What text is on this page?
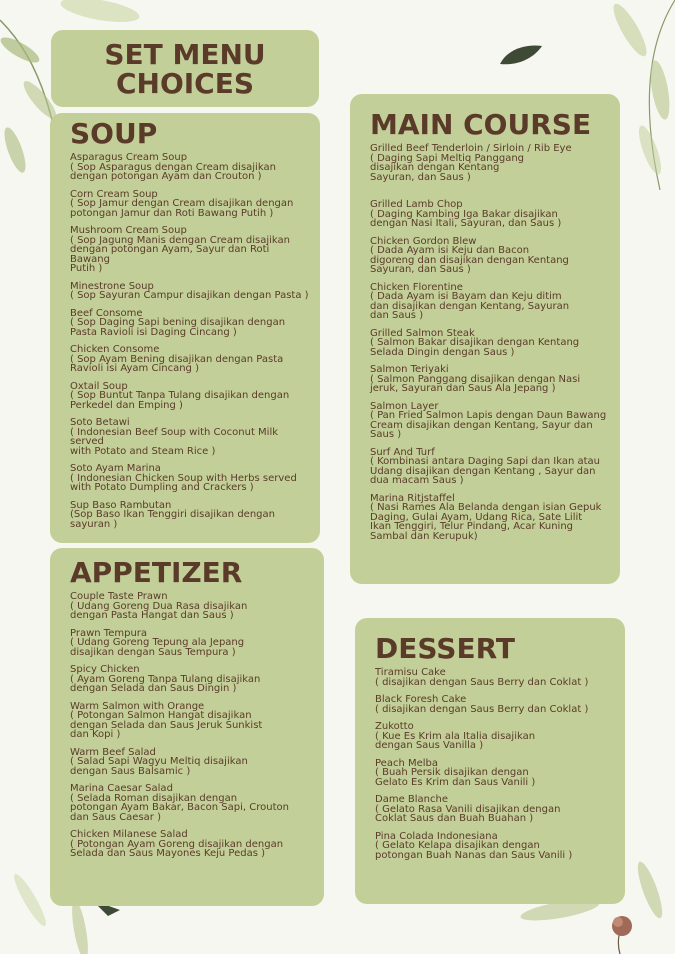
SET MENU
CHOICES
SOUP
Asparagus Cream Soup
( Sop Asparagus dengan Cream disajikan
dengan potongan Ayam dan Crouton )
Corn Cream Soup
( Sop Jamur dengan Cream disajikan dengan
potongan Jamur dan Roti Bawang Putih )
Mushroom Cream Soup
( Sop Jagung Manis dengan Cream disajikan
dengan potongan Ayam, Sayur dan Roti Bawang
Putih )
Minestrone Soup
( Sop Sayuran Campur disajikan dengan Pasta )
Beef Consome
( Sop Daging Sapi bening disajikan dengan
Pasta Ravioli isi Daging Cincang )
Chicken Consome
( Sop Ayam Bening disajikan dengan Pasta
Ravioli isi Ayam Cincang )
Oxtail Soup
( Sop Buntut Tanpa Tulang disajikan dengan
Perkedel dan Emping )
Soto Betawi
( Indonesian Beef Soup with Coconut Milk served
with Potato and Steam Rice )
Soto Ayam Marina
( Indonesian Chicken Soup with Herbs served
with Potato Dumpling and Crackers )
Sup Baso Rambutan
(Sop Baso Ikan Tenggiri disajikan dengan
sayuran )
APPETIZER
Couple Taste Prawn
( Udang Goreng Dua Rasa disajikan
dengan Pasta Hangat dan Saus )
Prawn Tempura
( Udang Goreng Tepung ala Jepang
disajikan dengan Saus Tempura )
Spicy Chicken
( Ayam Goreng Tanpa Tulang disajikan
dengan Selada dan Saus Dingin )
Warm Salmon with Orange
( Potongan Salmon Hangat disajikan
dengan Selada dan Saus Jeruk Sunkist
dan Kopi )
Warm Beef Salad
( Salad Sapi Wagyu Meltiq disajikan
dengan Saus Balsamic )
Marina Caesar Salad
( Selada Roman disajikan dengan
potongan Ayam Bakar, Bacon Sapi, Crouton
dan Saus Caesar )
Chicken Milanese Salad
( Potongan Ayam Goreng disajikan dengan
Selada dan Saus Mayones Keju Pedas )
MAIN COURSE
Grilled Beef Tenderloin / Sirloin / Rib Eye
( Daging Sapi Meltiq Panggang
disajikan dengan Kentang
Sayuran, dan Saus )
Grilled Lamb Chop
( Daging Kambing Iga Bakar disajikan
dengan Nasi Itali, Sayuran, dan Saus )
Chicken Gordon Blew
( Dada Ayam isi Keju dan Bacon
digoreng dan disajikan dengan Kentang
Sayuran, dan Saus )
Chicken Florentine
( Dada Ayam isi Bayam dan Keju ditim
dan disajikan dengan Kentang, Sayuran
dan Saus )
Grilled Salmon Steak
( Salmon Bakar disajikan dengan Kentang
Selada Dingin dengan Saus )
Salmon Teriyaki
( Salmon Panggang disajikan dengan Nasi
jeruk, Sayuran dan Saus Ala Jepang )
Salmon Layer
( Pan Fried Salmon Lapis dengan Daun Bawang
Cream disajikan dengan Kentang, Sayur dan
Saus )
Surf And Turf
( Kombinasi antara Daging Sapi dan Ikan atau
Udang disajikan dengan Kentang , Sayur dan
dua macam Saus )
Marina Ritjstaffel
( Nasi Rames Ala Belanda dengan isian Gepuk
Daging, Gulai Ayam, Udang Rica, Sate Lilit
Ikan Tenggiri, Telur Pindang, Acar Kuning
Sambal dan Kerupuk)
DESSERT
Tiramisu Cake
( disajikan dengan Saus Berry dan Coklat )
Black Foresh Cake
( disajikan dengan Saus Berry dan Coklat )
Zukotto
( Kue Es Krim ala Italia disajikan
dengan Saus Vanilla )
Peach Melba
( Buah Persik disajikan dengan
Gelato Es Krim dan Saus Vanili )
Dame Blanche
( Gelato Rasa Vanili disajikan dengan
Coklat Saus dan Buah Buahan )
Pina Colada Indonesiana
( Gelato Kelapa disajikan dengan
potongan Buah Nanas dan Saus Vanili )
